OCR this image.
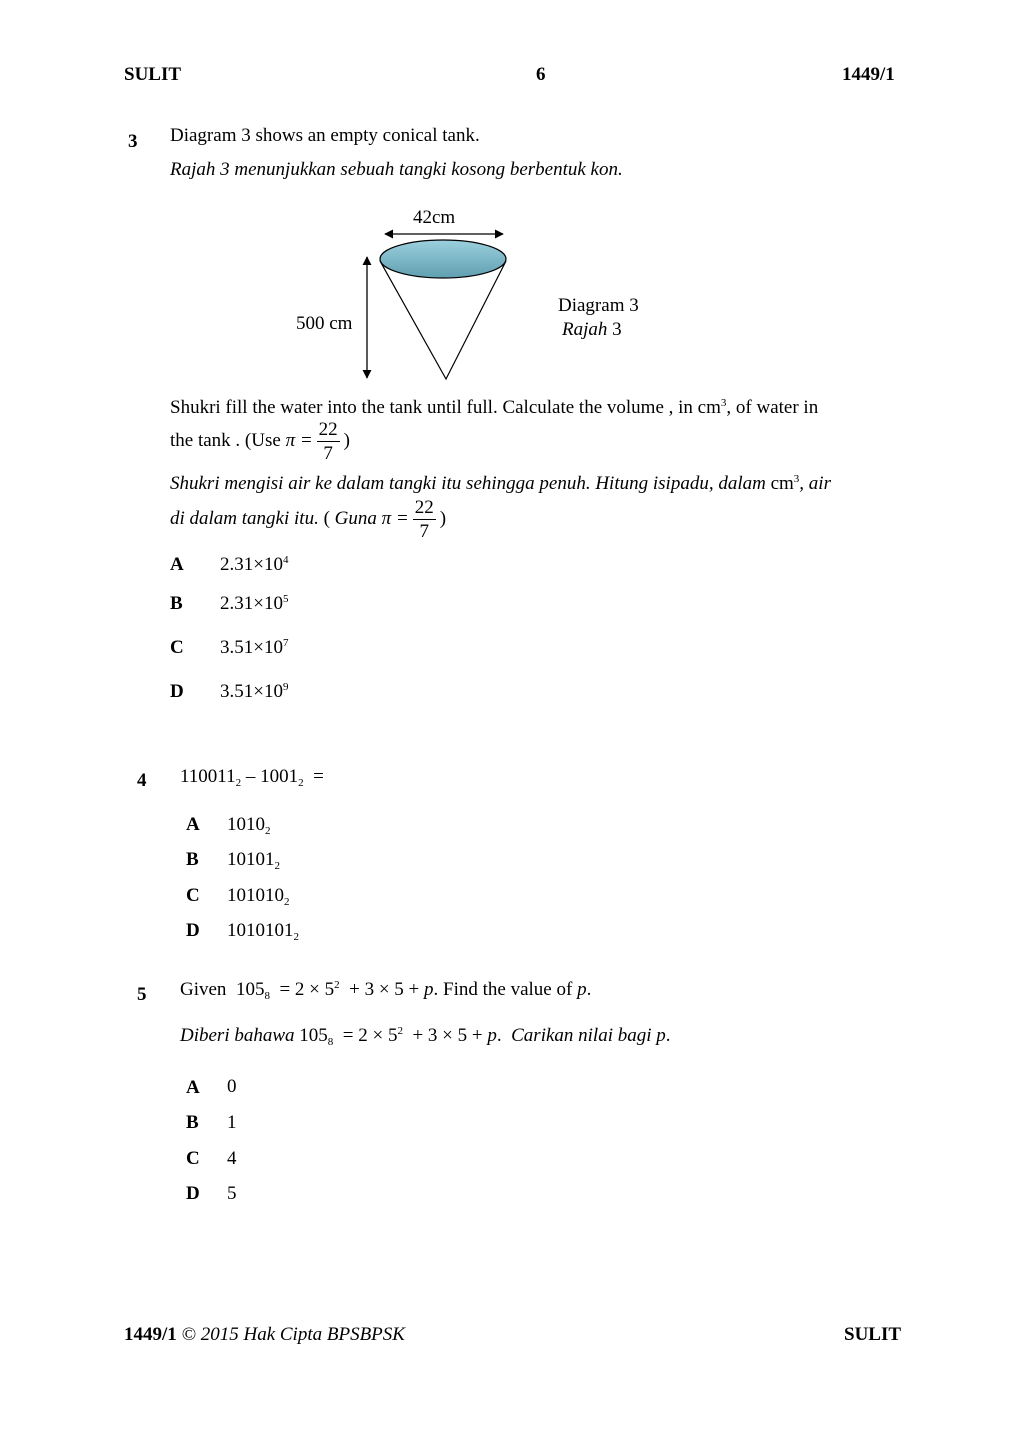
SULIT	6	1449/1
3 Diagram 3 shows an empty conical tank.
Rajah 3 menunjukkan sebuah tangki kosong berbentuk kon.
42cm
500 cm
Diagram 3
Rajah 3
Shukri fill the water into the tank until full. Calculate the volume , in $cm^3$, of water in
the tank . (Use $\pi = \frac{22}{7}$ )
Shukri mengisi air ke dalam tangki itu sehingga penuh. Hitung isipadu, dalam $cm^3$, air
di dalam tangki itu. ( Guna $\pi = \frac{22}{7}$ )
A $2.31\times 10^4$
B $2.31\times 10^5$
C $3.51\times 10^7$
D $3.51\times 10^9$
4 $110011_2 - 1001_2$ =
A $1010_2$
B $10101_2$
C $101010_2$
D $1010101_2$
5 Given $105_8 = 2 \times 5^2 + 3 \times 5 + p$. Find the value of p.
Diberi bahawa $105_8 = 2 \times 5^2 + 3 \times 5 + p$. Carikan nilai bagi p.
A 0
B 1
C 4
D 5
1449/1 © 2015 Hak Cipta BPSBPSK	SULIT
